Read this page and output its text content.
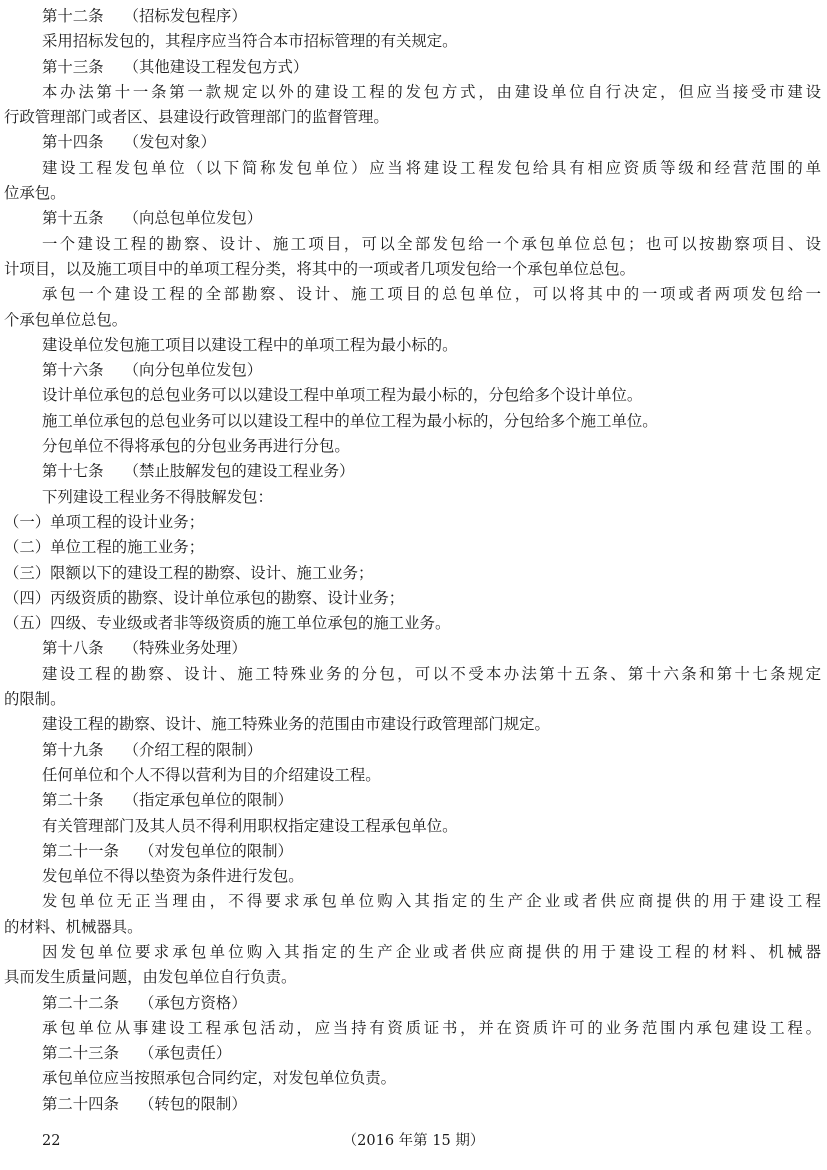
第十二条 （招标发包程序）
采用招标发包的，其程序应当符合本市招标管理的有关规定。
第十三条 （其他建设工程发包方式）
本办法第十一条第一款规定以外的建设工程的发包方式，由建设单位自行决定，但应当接受市建设
行政管理部门或者区、县建设行政管理部门的监督管理。
第十四条 （发包对象）
建设工程发包单位（以下简称发包单位）应当将建设工程发包给具有相应资质等级和经营范围的单
位承包。
第十五条 （向总包单位发包）
一个建设工程的勘察、设计、施工项目，可以全部发包给一个承包单位总包；也可以按勘察项目、设
计项目，以及施工项目中的单项工程分类，将其中的一项或者几项发包给一个承包单位总包。
承包一个建设工程的全部勘察、设计、施工项目的总包单位，可以将其中的一项或者两项发包给一
个承包单位总包。
建设单位发包施工项目以建设工程中的单项工程为最小标的。
第十六条 （向分包单位发包）
设计单位承包的总包业务可以以建设工程中单项工程为最小标的，分包给多个设计单位。
施工单位承包的总包业务可以以建设工程中的单位工程为最小标的，分包给多个施工单位。
分包单位不得将承包的分包业务再进行分包。
第十七条 （禁止肢解发包的建设工程业务）
下列建设工程业务不得肢解发包：
（一）单项工程的设计业务；
（二）单位工程的施工业务；
（三）限额以下的建设工程的勘察、设计、施工业务；
（四）丙级资质的勘察、设计单位承包的勘察、设计业务；
（五）四级、专业级或者非等级资质的施工单位承包的施工业务。
第十八条 （特殊业务处理）
建设工程的勘察、设计、施工特殊业务的分包，可以不受本办法第十五条、第十六条和第十七条规定
的限制。
建设工程的勘察、设计、施工特殊业务的范围由市建设行政管理部门规定。
第十九条 （介绍工程的限制）
任何单位和个人不得以营利为目的介绍建设工程。
第二十条 （指定承包单位的限制）
有关管理部门及其人员不得利用职权指定建设工程承包单位。
第二十一条 （对发包单位的限制）
发包单位不得以垫资为条件进行发包。
发包单位无正当理由，不得要求承包单位购入其指定的生产企业或者供应商提供的用于建设工程
的材料、机械器具。
因发包单位要求承包单位购入其指定的生产企业或者供应商提供的用于建设工程的材料、机械器
具而发生质量问题，由发包单位自行负责。
第二十二条 （承包方资格）
承包单位从事建设工程承包活动，应当持有资质证书，并在资质许可的业务范围内承包建设工程。
第二十三条 （承包责任）
承包单位应当按照承包合同约定，对发包单位负责。
第二十四条 （转包的限制）
22	（2016 年第 15 期）
